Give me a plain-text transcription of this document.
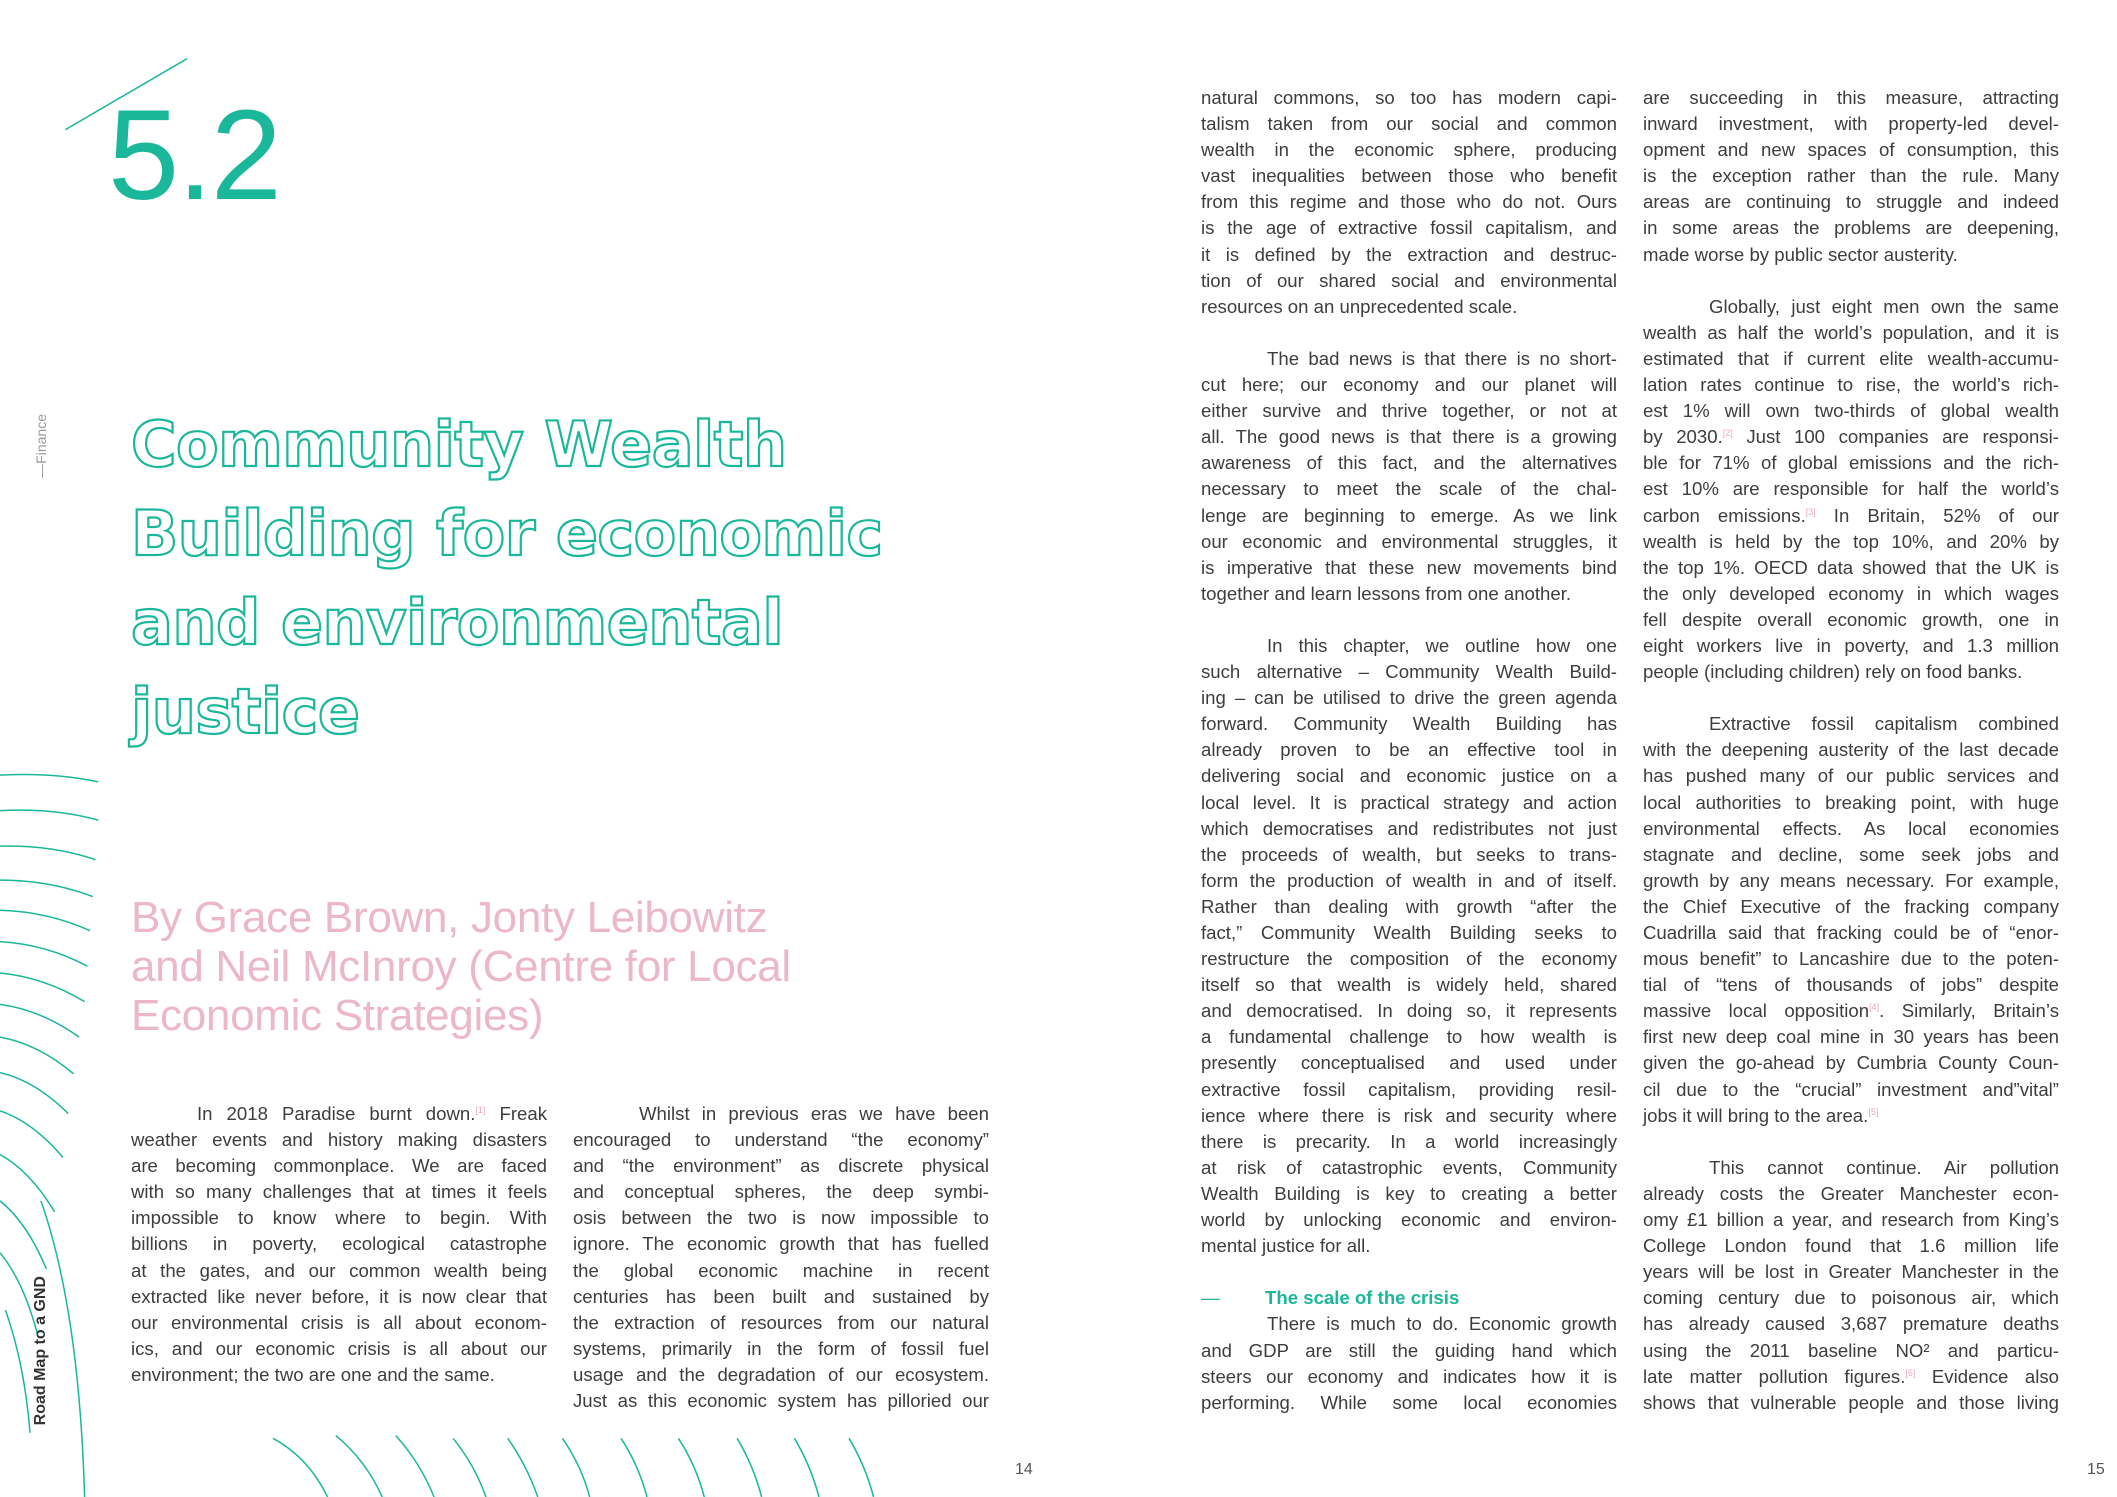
5.2
—Finance
Road Map to a GND
Community Wealth
Building for economic
and environmental
justice
By Grace Brown, Jonty Leibowitz
and Neil McInroy (Centre for Local
Economic Strategies)
In 2018 Paradise burnt down.[1] Freak
weather events and history making disasters
are becoming commonplace. We are faced
with so many challenges that at times it feels
impossible to know where to begin. With
billions in poverty, ecological catastrophe
at the gates, and our common wealth being
extracted like never before, it is now clear that
our environmental crisis is all about econom-
ics, and our economic crisis is all about our
environment; the two are one and the same.
Whilst in previous eras we have been
encouraged to understand “the economy”
and “the environment” as discrete physical
and conceptual spheres, the deep symbi-
osis between the two is now impossible to
ignore. The economic growth that has fuelled
the global economic machine in recent
centuries has been built and sustained by
the extraction of resources from our natural
systems, primarily in the form of fossil fuel
usage and the degradation of our ecosystem.
Just as this economic system has pilloried our
natural commons, so too has modern capi-
talism taken from our social and common
wealth in the economic sphere, producing
vast inequalities between those who benefit
from this regime and those who do not. Ours
is the age of extractive fossil capitalism, and
it is defined by the extraction and destruc-
tion of our shared social and environmental
resources on an unprecedented scale.
The bad news is that there is no short-
cut here; our economy and our planet will
either survive and thrive together, or not at
all. The good news is that there is a growing
awareness of this fact, and the alternatives
necessary to meet the scale of the chal-
lenge are beginning to emerge. As we link
our economic and environmental struggles, it
is imperative that these new movements bind
together and learn lessons from one another.
In this chapter, we outline how one
such alternative – Community Wealth Build-
ing – can be utilised to drive the green agenda
forward. Community Wealth Building has
already proven to be an effective tool in
delivering social and economic justice on a
local level. It is practical strategy and action
which democratises and redistributes not just
the proceeds of wealth, but seeks to trans-
form the production of wealth in and of itself.
Rather than dealing with growth “after the
fact,” Community Wealth Building seeks to
restructure the composition of the economy
itself so that wealth is widely held, shared
and democratised. In doing so, it represents
a fundamental challenge to how wealth is
presently conceptualised and used under
extractive fossil capitalism, providing resil-
ience where there is risk and security where
there is precarity. In a world increasingly
at risk of catastrophic events, Community
Wealth Building is key to creating a better
world by unlocking economic and environ-
mental justice for all.
— The scale of the crisis
There is much to do. Economic growth
and GDP are still the guiding hand which
steers our economy and indicates how it is
performing. While some local economies
are succeeding in this measure, attracting
inward investment, with property-led devel-
opment and new spaces of consumption, this
is the exception rather than the rule. Many
areas are continuing to struggle and indeed
in some areas the problems are deepening,
made worse by public sector austerity.
Globally, just eight men own the same
wealth as half the world’s population, and it is
estimated that if current elite wealth-accumu-
lation rates continue to rise, the world’s rich-
est 1% will own two-thirds of global wealth
by 2030.[2] Just 100 companies are responsi-
ble for 71% of global emissions and the rich-
est 10% are responsible for half the world’s
carbon emissions.[3] In Britain, 52% of our
wealth is held by the top 10%, and 20% by
the top 1%. OECD data showed that the UK is
the only developed economy in which wages
fell despite overall economic growth, one in
eight workers live in poverty, and 1.3 million
people (including children) rely on food banks.
Extractive fossil capitalism combined
with the deepening austerity of the last decade
has pushed many of our public services and
local authorities to breaking point, with huge
environmental effects. As local economies
stagnate and decline, some seek jobs and
growth by any means necessary. For example,
the Chief Executive of the fracking company
Cuadrilla said that fracking could be of “enor-
mous benefit” to Lancashire due to the poten-
tial of “tens of thousands of jobs” despite
massive local opposition[4]. Similarly, Britain’s
first new deep coal mine in 30 years has been
given the go-ahead by Cumbria County Coun-
cil due to the “crucial” investment and”vital”
jobs it will bring to the area.[5]
This cannot continue. Air pollution
already costs the Greater Manchester econ-
omy £1 billion a year, and research from King’s
College London found that 1.6 million life
years will be lost in Greater Manchester in the
coming century due to poisonous air, which
has already caused 3,687 premature deaths
using the 2011 baseline NO² and particu-
late matter pollution figures.[6] Evidence also
shows that vulnerable people and those living
14	15
